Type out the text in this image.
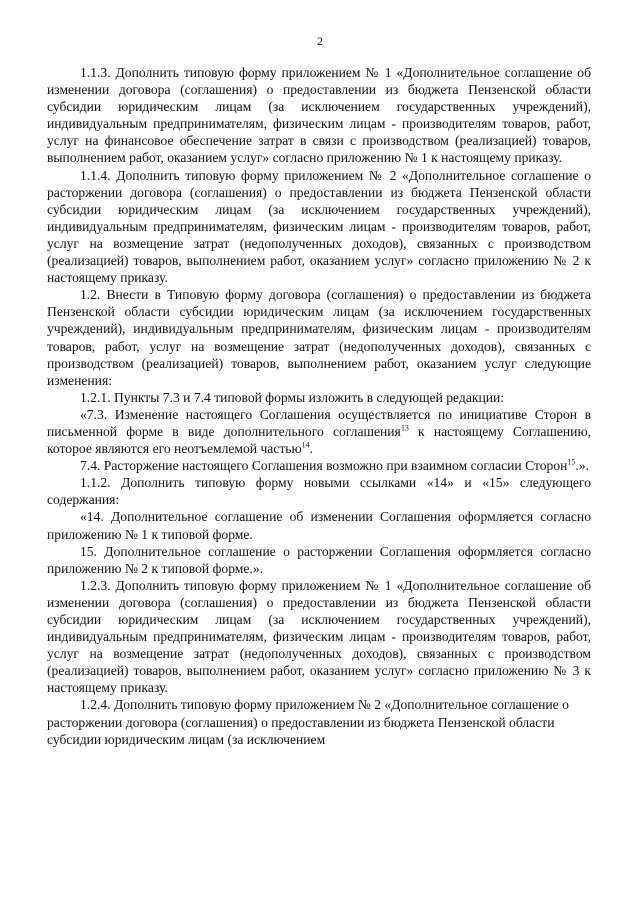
2

1.1.3. Дополнить типовую форму приложением № 1 «Дополнительное соглашение об изменении договора (соглашения) о предоставлении из бюджета Пензенской области субсидии юридическим лицам (за исключением государственных учреждений), индивидуальным предпринимателям, физическим лицам - производителям товаров, работ, услуг на финансовое обеспечение затрат в связи с производством (реализацией) товаров, выполнением работ, оказанием услуг» согласно приложению № 1 к настоящему приказу.

1.1.4. Дополнить типовую форму приложением № 2 «Дополнительное соглашение о расторжении договора (соглашения) о предоставлении из бюджета Пензенской области субсидии юридическим лицам (за исключением государственных учреждений), индивидуальным предпринимателям, физическим лицам - производителям товаров, работ, услуг на возмещение затрат (недополученных доходов), связанных с производством (реализацией) товаров, выполнением работ, оказанием услуг» согласно приложению № 2 к настоящему приказу.

1.2. Внести в Типовую форму договора (соглашения) о предоставлении из бюджета Пензенской области субсидии юридическим лицам (за исключением государственных учреждений), индивидуальным предпринимателям, физическим лицам - производителям товаров, работ, услуг на возмещение затрат (недополученных доходов), связанных с производством (реализацией) товаров, выполнением работ, оказанием услуг следующие изменения:

1.2.1. Пункты 7.3 и 7.4 типовой формы изложить в следующей редакции:

«7.3. Изменение настоящего Соглашения осуществляется по инициативе Сторон в письменной форме в виде дополнительного соглашения$^{13}$ к настоящему Соглашению, которое являются его неотъемлемой частью$^{14}$.

7.4. Расторжение настоящего Соглашения возможно при взаимном согласии Сторон$^{15}$.».

1.1.2. Дополнить типовую форму новыми ссылками «14» и «15» следующего содержания:

«14. Дополнительное соглашение об изменении Соглашения оформляется согласно приложению № 1 к типовой форме.

15. Дополнительное соглашение о расторжении Соглашения оформляется согласно приложению № 2 к типовой форме.».

1.2.3. Дополнить типовую форму приложением № 1 «Дополнительное соглашение об изменении договора (соглашения) о предоставлении из бюджета Пензенской области субсидии юридическим лицам (за исключением государственных учреждений), индивидуальным предпринимателям, физическим лицам - производителям товаров, работ, услуг на возмещение затрат (недополученных доходов), связанных с производством (реализацией) товаров, выполнением работ, оказанием услуг» согласно приложению № 3 к настоящему приказу.

1.2.4. Дополнить типовую форму приложением № 2 «Дополнительное соглашение о расторжении договора (соглашения) о предоставлении из бюджета Пензенской области субсидии юридическим лицам (за исключением
